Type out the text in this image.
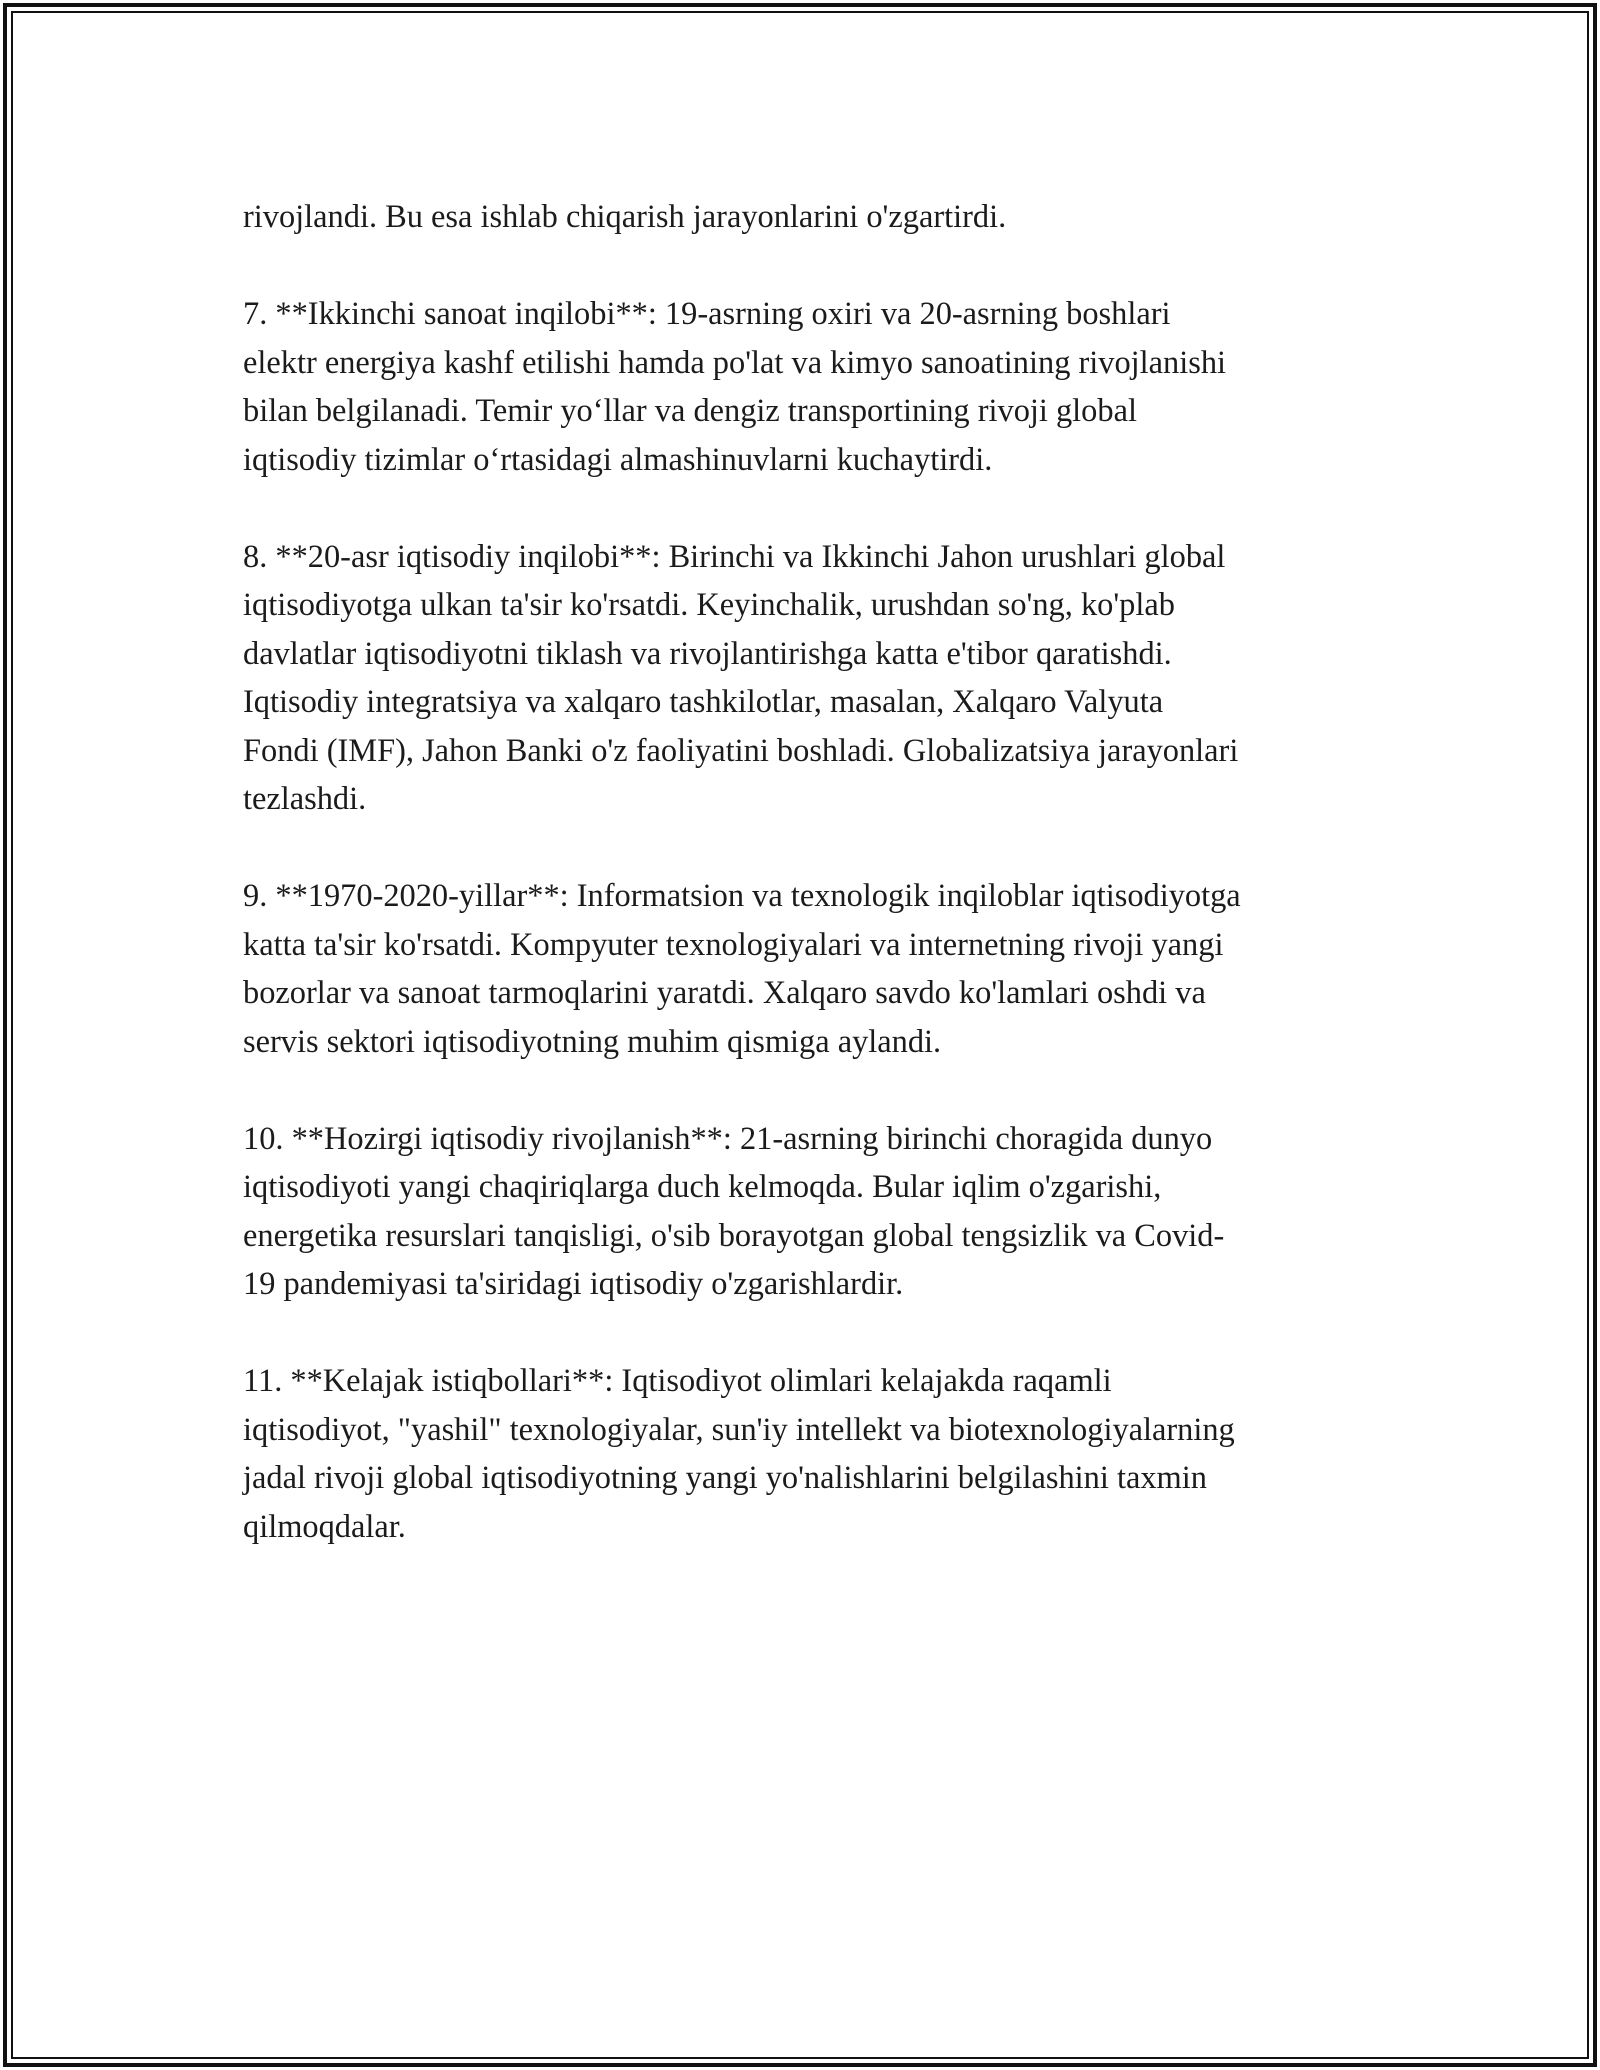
rivojlandi. Bu esa ishlab chiqarish jarayonlarini o'zgartirdi.

7. **Ikkinchi sanoat inqilobi**: 19-asrning oxiri va 20-asrning boshlari
elektr energiya kashf etilishi hamda po'lat va kimyo sanoatining rivojlanishi
bilan belgilanadi. Temir yo‘llar va dengiz transportining rivoji global
iqtisodiy tizimlar o‘rtasidagi almashinuvlarni kuchaytirdi.

8. **20-asr iqtisodiy inqilobi**: Birinchi va Ikkinchi Jahon urushlari global
iqtisodiyotga ulkan ta'sir ko'rsatdi. Keyinchalik, urushdan so'ng, ko'plab
davlatlar iqtisodiyotni tiklash va rivojlantirishga katta e'tibor qaratishdi.
Iqtisodiy integratsiya va xalqaro tashkilotlar, masalan, Xalqaro Valyuta
Fondi (IMF), Jahon Banki o'z faoliyatini boshladi. Globalizatsiya jarayonlari
tezlashdi.

9. **1970-2020-yillar**: Informatsion va texnologik inqiloblar iqtisodiyotga
katta ta'sir ko'rsatdi. Kompyuter texnologiyalari va internetning rivoji yangi
bozorlar va sanoat tarmoqlarini yaratdi. Xalqaro savdo ko'lamlari oshdi va
servis sektori iqtisodiyotning muhim qismiga aylandi.

10. **Hozirgi iqtisodiy rivojlanish**: 21-asrning birinchi choragida dunyo
iqtisodiyoti yangi chaqiriqlarga duch kelmoqda. Bular iqlim o'zgarishi,
energetika resurslari tanqisligi, o'sib borayotgan global tengsizlik va Covid-
19 pandemiyasi ta'siridagi iqtisodiy o'zgarishlardir.

11. **Kelajak istiqbollari**: Iqtisodiyot olimlari kelajakda raqamli
iqtisodiyot, "yashil" texnologiyalar, sun'iy intellekt va biotexnologiyalarning
jadal rivoji global iqtisodiyotning yangi yo'nalishlarini belgilashini taxmin
qilmoqdalar.
